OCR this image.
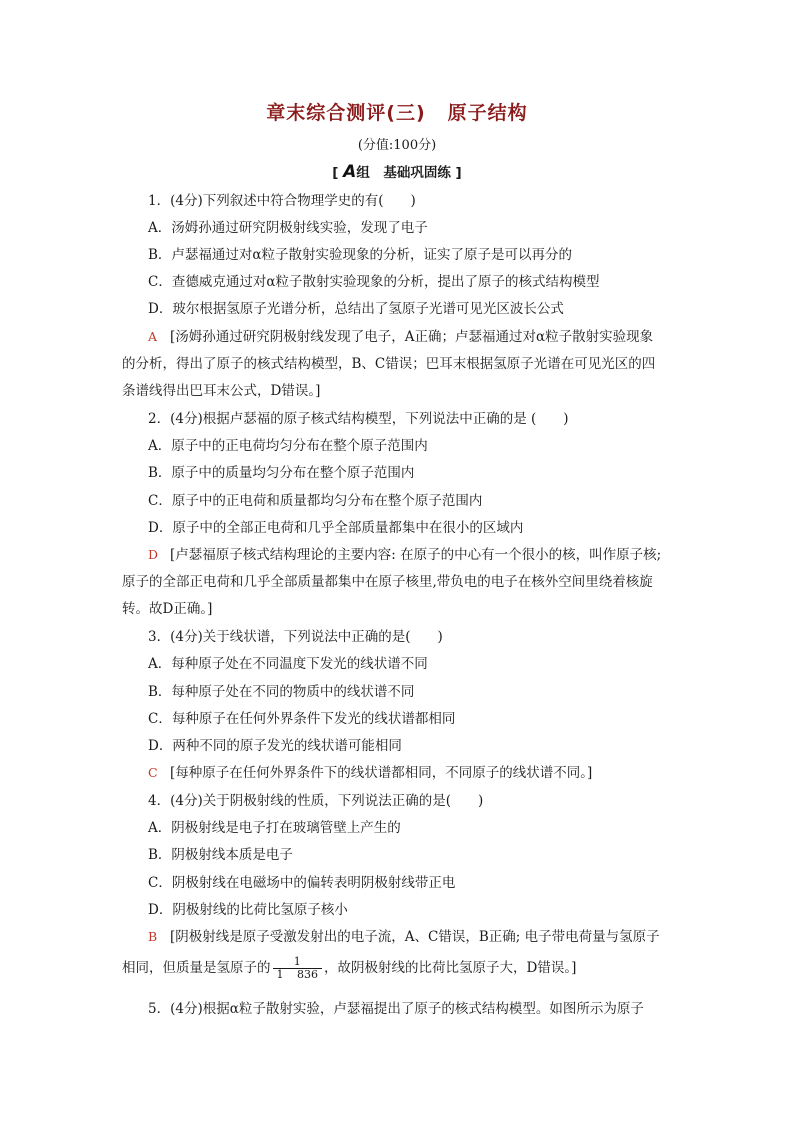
章末综合测评(三) 原子结构
(分值:100分)
[ A组　基础巩固练 ]
1．(4分)下列叙述中符合物理学史的有(　　)
A．汤姆孙通过研究阴极射线实验，发现了电子
B．卢瑟福通过对α粒子散射实验现象的分析，证实了原子是可以再分的
C．查德威克通过对α粒子散射实验现象的分析，提出了原子的核式结构模型
D．玻尔根据氢原子光谱分析，总结出了氢原子光谱可见光区波长公式
A [汤姆孙通过研究阴极射线发现了电子，A正确；卢瑟福通过对α粒子散射实验现象
的分析，得出了原子的核式结构模型，B、C错误；巴耳末根据氢原子光谱在可见光区的四
条谱线得出巴耳末公式，D错误。]
2．(4分)根据卢瑟福的原子核式结构模型，下列说法中正确的是 (　　)
A．原子中的正电荷均匀分布在整个原子范围内
B．原子中的质量均匀分布在整个原子范围内
C．原子中的正电荷和质量都均匀分布在整个原子范围内
D．原子中的全部正电荷和几乎全部质量都集中在很小的区域内
D [卢瑟福原子核式结构理论的主要内容: 在原子的中心有一个很小的核，叫作原子核;
原子的全部正电荷和几乎全部质量都集中在原子核里,带负电的电子在核外空间里绕着核旋
转。故D正确。]
3．(4分)关于线状谱，下列说法中正确的是(　　)
A．每种原子处在不同温度下发光的线状谱不同
B．每种原子处在不同的物质中的线状谱不同
C．每种原子在任何外界条件下发光的线状谱都相同
D．两种不同的原子发光的线状谱可能相同
C [每种原子在任何外界条件下的线状谱都相同，不同原子的线状谱不同。]
4．(4分)关于阴极射线的性质，下列说法正确的是(　　)
A．阴极射线是电子打在玻璃管壁上产生的
B．阴极射线本质是电子
C．阴极射线在电磁场中的偏转表明阴极射线带正电
D．阴极射线的比荷比氢原子核小
B [阴极射线是原子受激发射出的电子流，A、C错误，B正确; 电子带电荷量与氢原子
相同，但质量是氢原子的 $\frac{1}{1 836}$ ，故阴极射线的比荷比氢原子大，D错误。]
5．(4分)根据α粒子散射实验，卢瑟福提出了原子的核式结构模型。如图所示为原子
